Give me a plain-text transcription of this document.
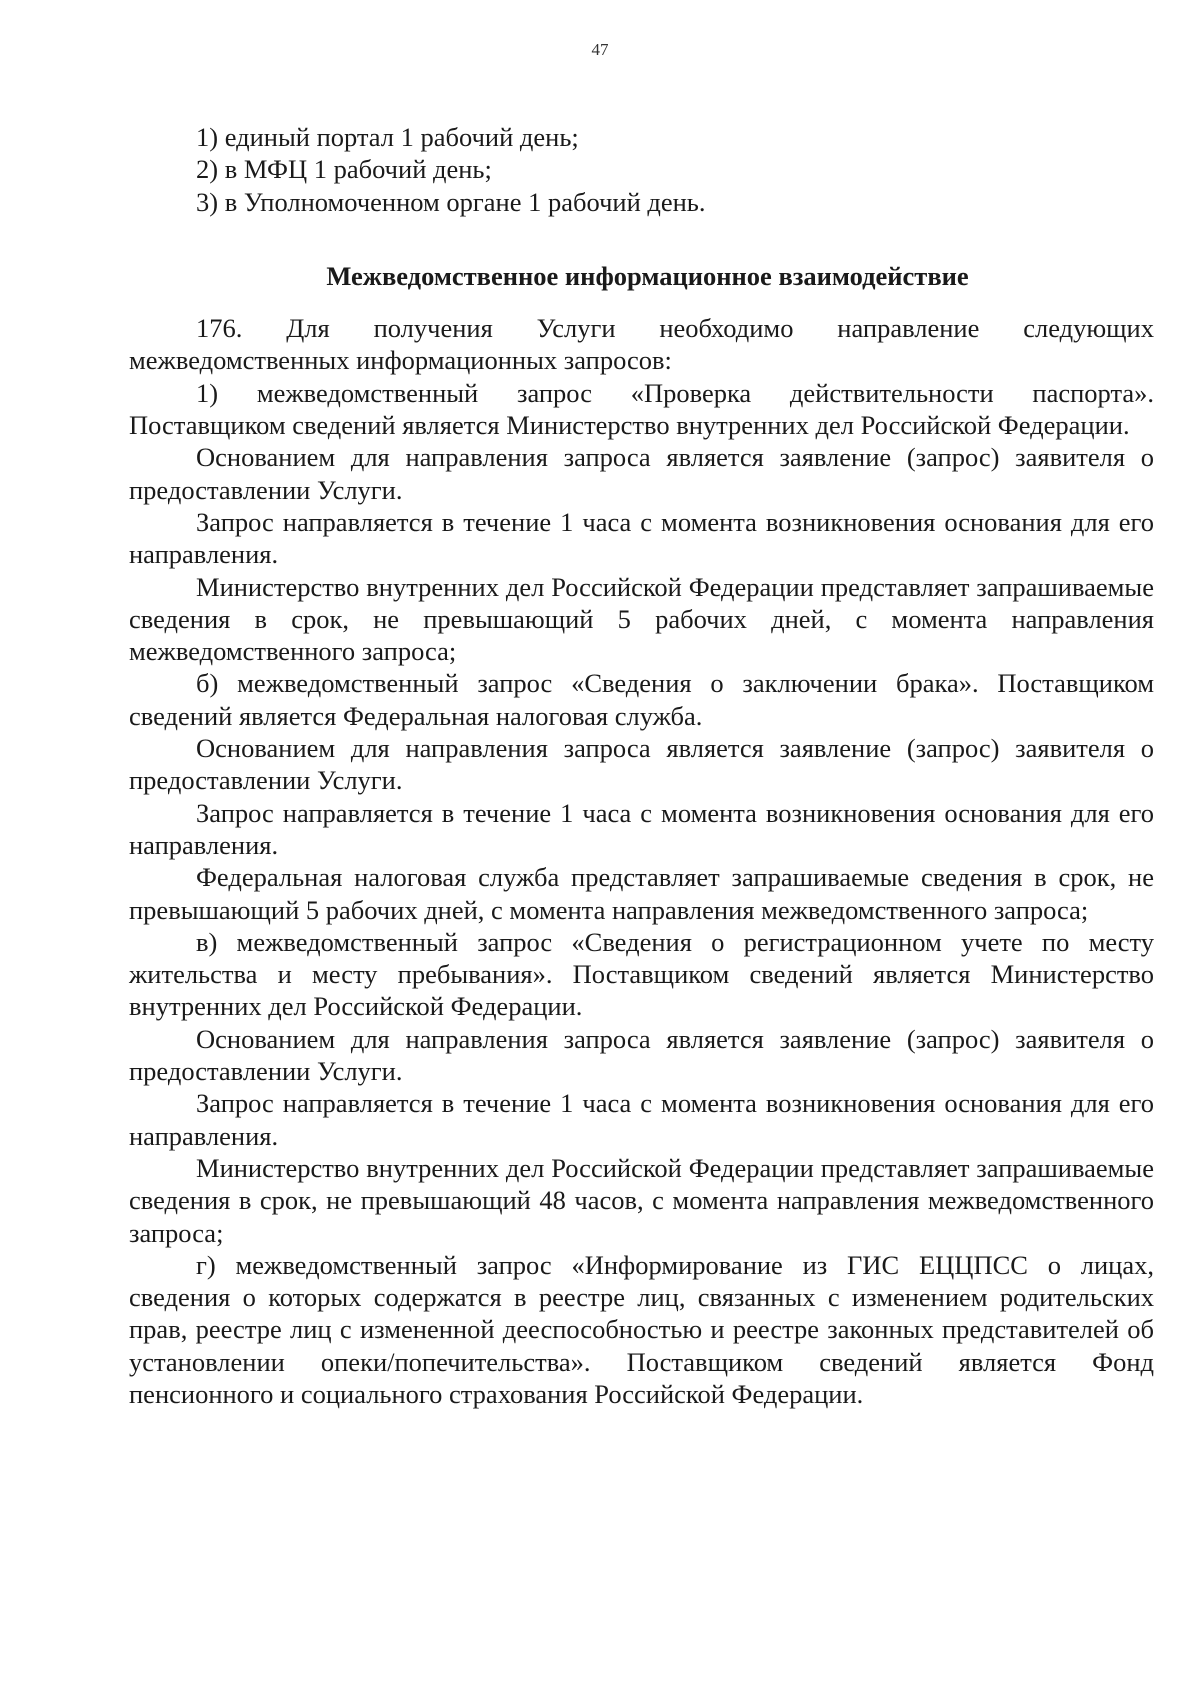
47
1) единый портал 1 рабочий день;
2) в МФЦ 1 рабочий день;
3) в Уполномоченном органе 1 рабочий день.
Межведомственное информационное взаимодействие

176. Для получения Услуги необходимо направление следующих межведомственных информационных запросов:

1) межведомственный запрос «Проверка действительности паспорта». Поставщиком сведений является Министерство внутренних дел Российской Федерации.

Основанием для направления запроса является заявление (запрос) заявителя о предоставлении Услуги.

Запрос направляется в течение 1 часа с момента возникновения основания для его направления.

Министерство внутренних дел Российской Федерации представляет запрашиваемые сведения в срок, не превышающий 5 рабочих дней, с момента направления межведомственного запроса;

б) межведомственный запрос «Сведения о заключении брака». Поставщиком сведений является Федеральная налоговая служба.

Основанием для направления запроса является заявление (запрос) заявителя о предоставлении Услуги.

Запрос направляется в течение 1 часа с момента возникновения основания для его направления.

Федеральная налоговая служба представляет запрашиваемые сведения в срок, не превышающий 5 рабочих дней, с момента направления межведомственного запроса;

в) межведомственный запрос «Сведения о регистрационном учете по месту жительства и месту пребывания». Поставщиком сведений является Министерство внутренних дел Российской Федерации.

Основанием для направления запроса является заявление (запрос) заявителя о предоставлении Услуги.

Запрос направляется в течение 1 часа с момента возникновения основания для его направления.

Министерство внутренних дел Российской Федерации представляет запрашиваемые сведения в срок, не превышающий 48 часов, с момента направления межведомственного запроса;

г) межведомственный запрос «Информирование из ГИС ЕЦЦПСС о лицах, сведения о которых содержатся в реестре лиц, связанных с изменением родительских прав, реестре лиц с измененной дееспособностью и реестре законных представителей об установлении опеки/попечительства». Поставщиком сведений является Фонд пенсионного и социального страхования Российской Федерации.
